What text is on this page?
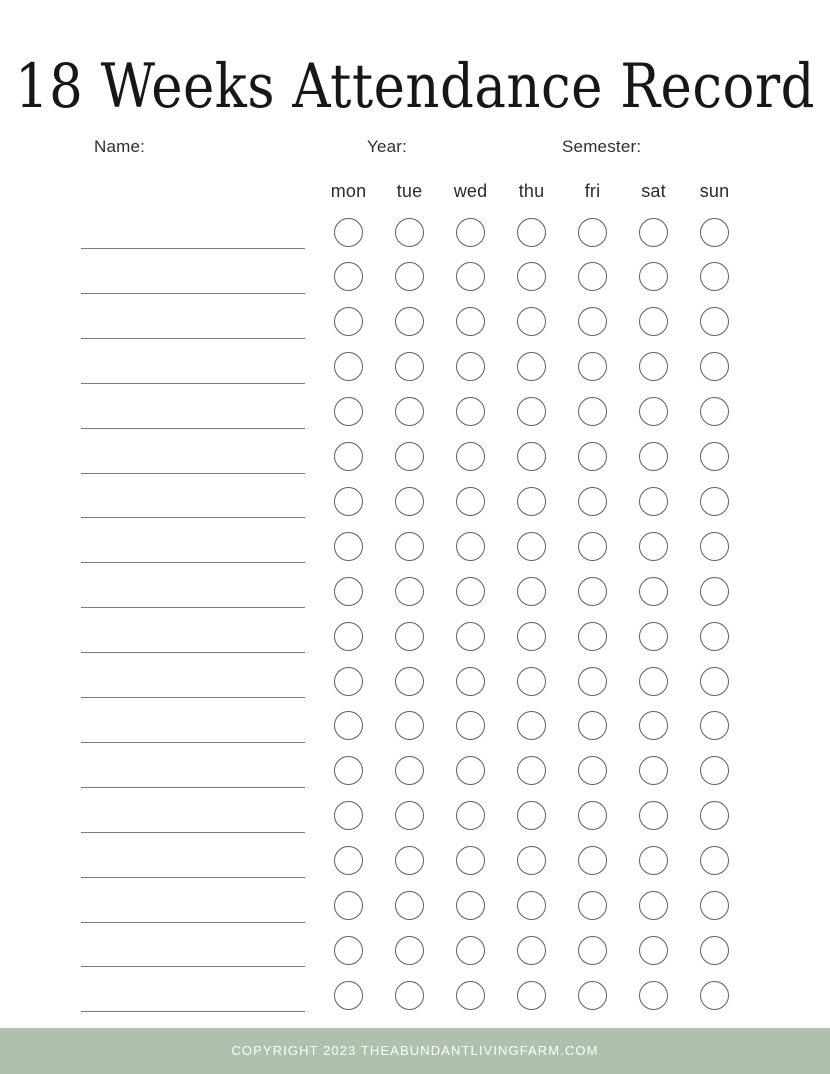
18 Weeks Attendance Record
Name:	Year:	Semester:
mon	tue	wed	thu	fri	sat	sun
COPYRIGHT 2023 THEABUNDANTLIVINGFARM.COM
